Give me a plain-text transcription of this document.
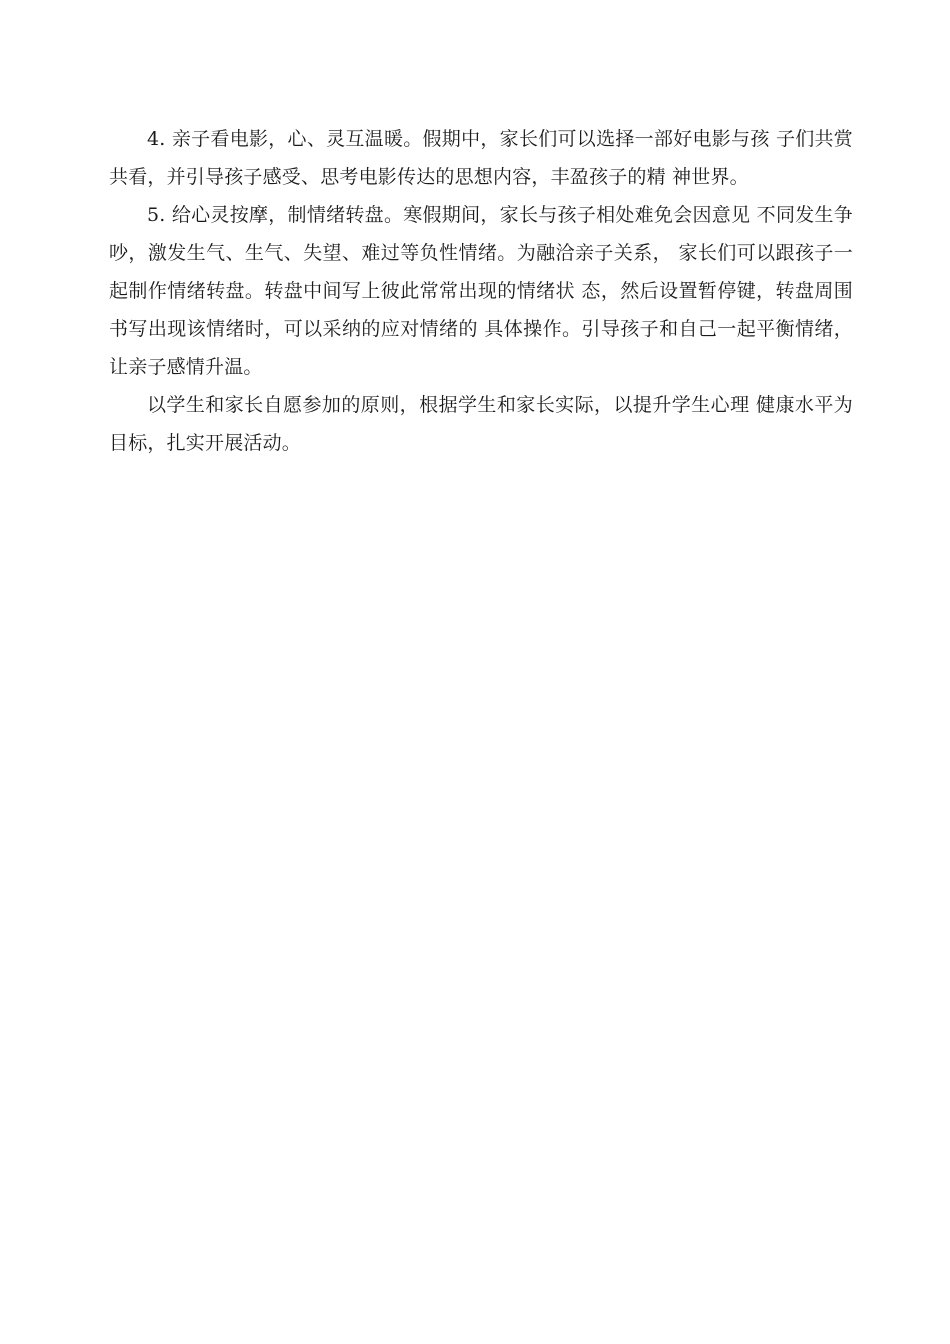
4. 亲子看电影，心、灵互温暖。假期中，家长们可以选择一部好电影与孩 子们共赏共看，并引导孩子感受、思考电影传达的思想内容，丰盈孩子的精 神世界。

5. 给心灵按摩，制情绪转盘。寒假期间，家长与孩子相处难免会因意见 不同发生争吵，激发生气、生气、失望、难过等负性情绪。为融洽亲子关系， 家长们可以跟孩子一起制作情绪转盘。转盘中间写上彼此常常出现的情绪状 态，然后设置暂停键，转盘周围书写出现该情绪时，可以采纳的应对情绪的 具体操作。引导孩子和自己一起平衡情绪，让亲子感情升温。

以学生和家长自愿参加的原则，根据学生和家长实际，以提升学生心理 健康水平为目标，扎实开展活动。
